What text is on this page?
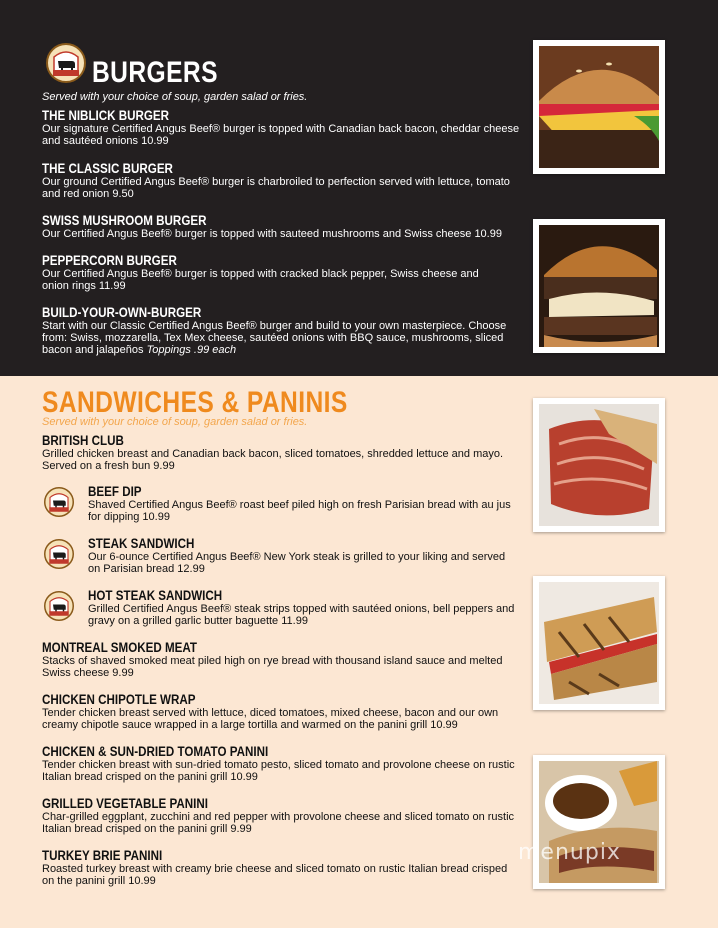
BURGERS
Served with your choice of soup, garden salad or fries.
THE NIBLICK BURGER
Our signature Certified Angus Beef® burger is topped with Canadian back bacon, cheddar cheese and sautéed onions 10.99
THE CLASSIC BURGER
Our ground Certified Angus Beef® burger is charbroiled to perfection served with lettuce, tomato and red onion 9.50
SWISS MUSHROOM BURGER
Our Certified Angus Beef® burger is topped with sauteed mushrooms and Swiss cheese 10.99
PEPPERCORN BURGER
Our Certified Angus Beef® burger is topped with cracked black pepper, Swiss cheese and onion rings 11.99
BUILD-YOUR-OWN-BURGER
Start with our Classic Certified Angus Beef® burger and build to your own masterpiece. Choose from: Swiss, mozzarella, Tex Mex cheese, sautéed onions with BBQ sauce, mushrooms, sliced bacon and jalapeños Toppings .99 each
SANDWICHES & PANINIS
Served with your choice of soup, garden salad or fries.
BRITISH CLUB
Grilled chicken breast and Canadian back bacon, sliced tomatoes, shredded lettuce and mayo. Served on a fresh bun 9.99
BEEF DIP
Shaved Certified Angus Beef® roast beef piled high on fresh Parisian bread with au jus for dipping 10.99
STEAK SANDWICH
Our 6-ounce Certified Angus Beef® New York steak is grilled to your liking and served on Parisian bread 12.99
HOT STEAK SANDWICH
Grilled Certified Angus Beef® steak strips topped with sautéed onions, bell peppers and gravy on a grilled garlic butter baguette 11.99
MONTREAL SMOKED MEAT
Stacks of shaved smoked meat piled high on rye bread with thousand island sauce and melted Swiss cheese 9.99
CHICKEN CHIPOTLE WRAP
Tender chicken breast served with lettuce, diced tomatoes, mixed cheese, bacon and our own creamy chipotle sauce wrapped in a large tortilla and warmed on the panini grill 10.99
CHICKEN & SUN-DRIED TOMATO PANINI
Tender chicken breast with sun-dried tomato pesto, sliced tomato and provolone cheese on rustic Italian bread crisped on the panini grill 10.99
GRILLED VEGETABLE PANINI
Char-grilled eggplant, zucchini and red pepper with provolone cheese and sliced tomato on rustic Italian bread crisped on the panini grill 9.99
TURKEY BRIE PANINI
Roasted turkey breast with creamy brie cheese and sliced tomato on rustic Italian bread crisped on the panini grill 10.99
menupix
